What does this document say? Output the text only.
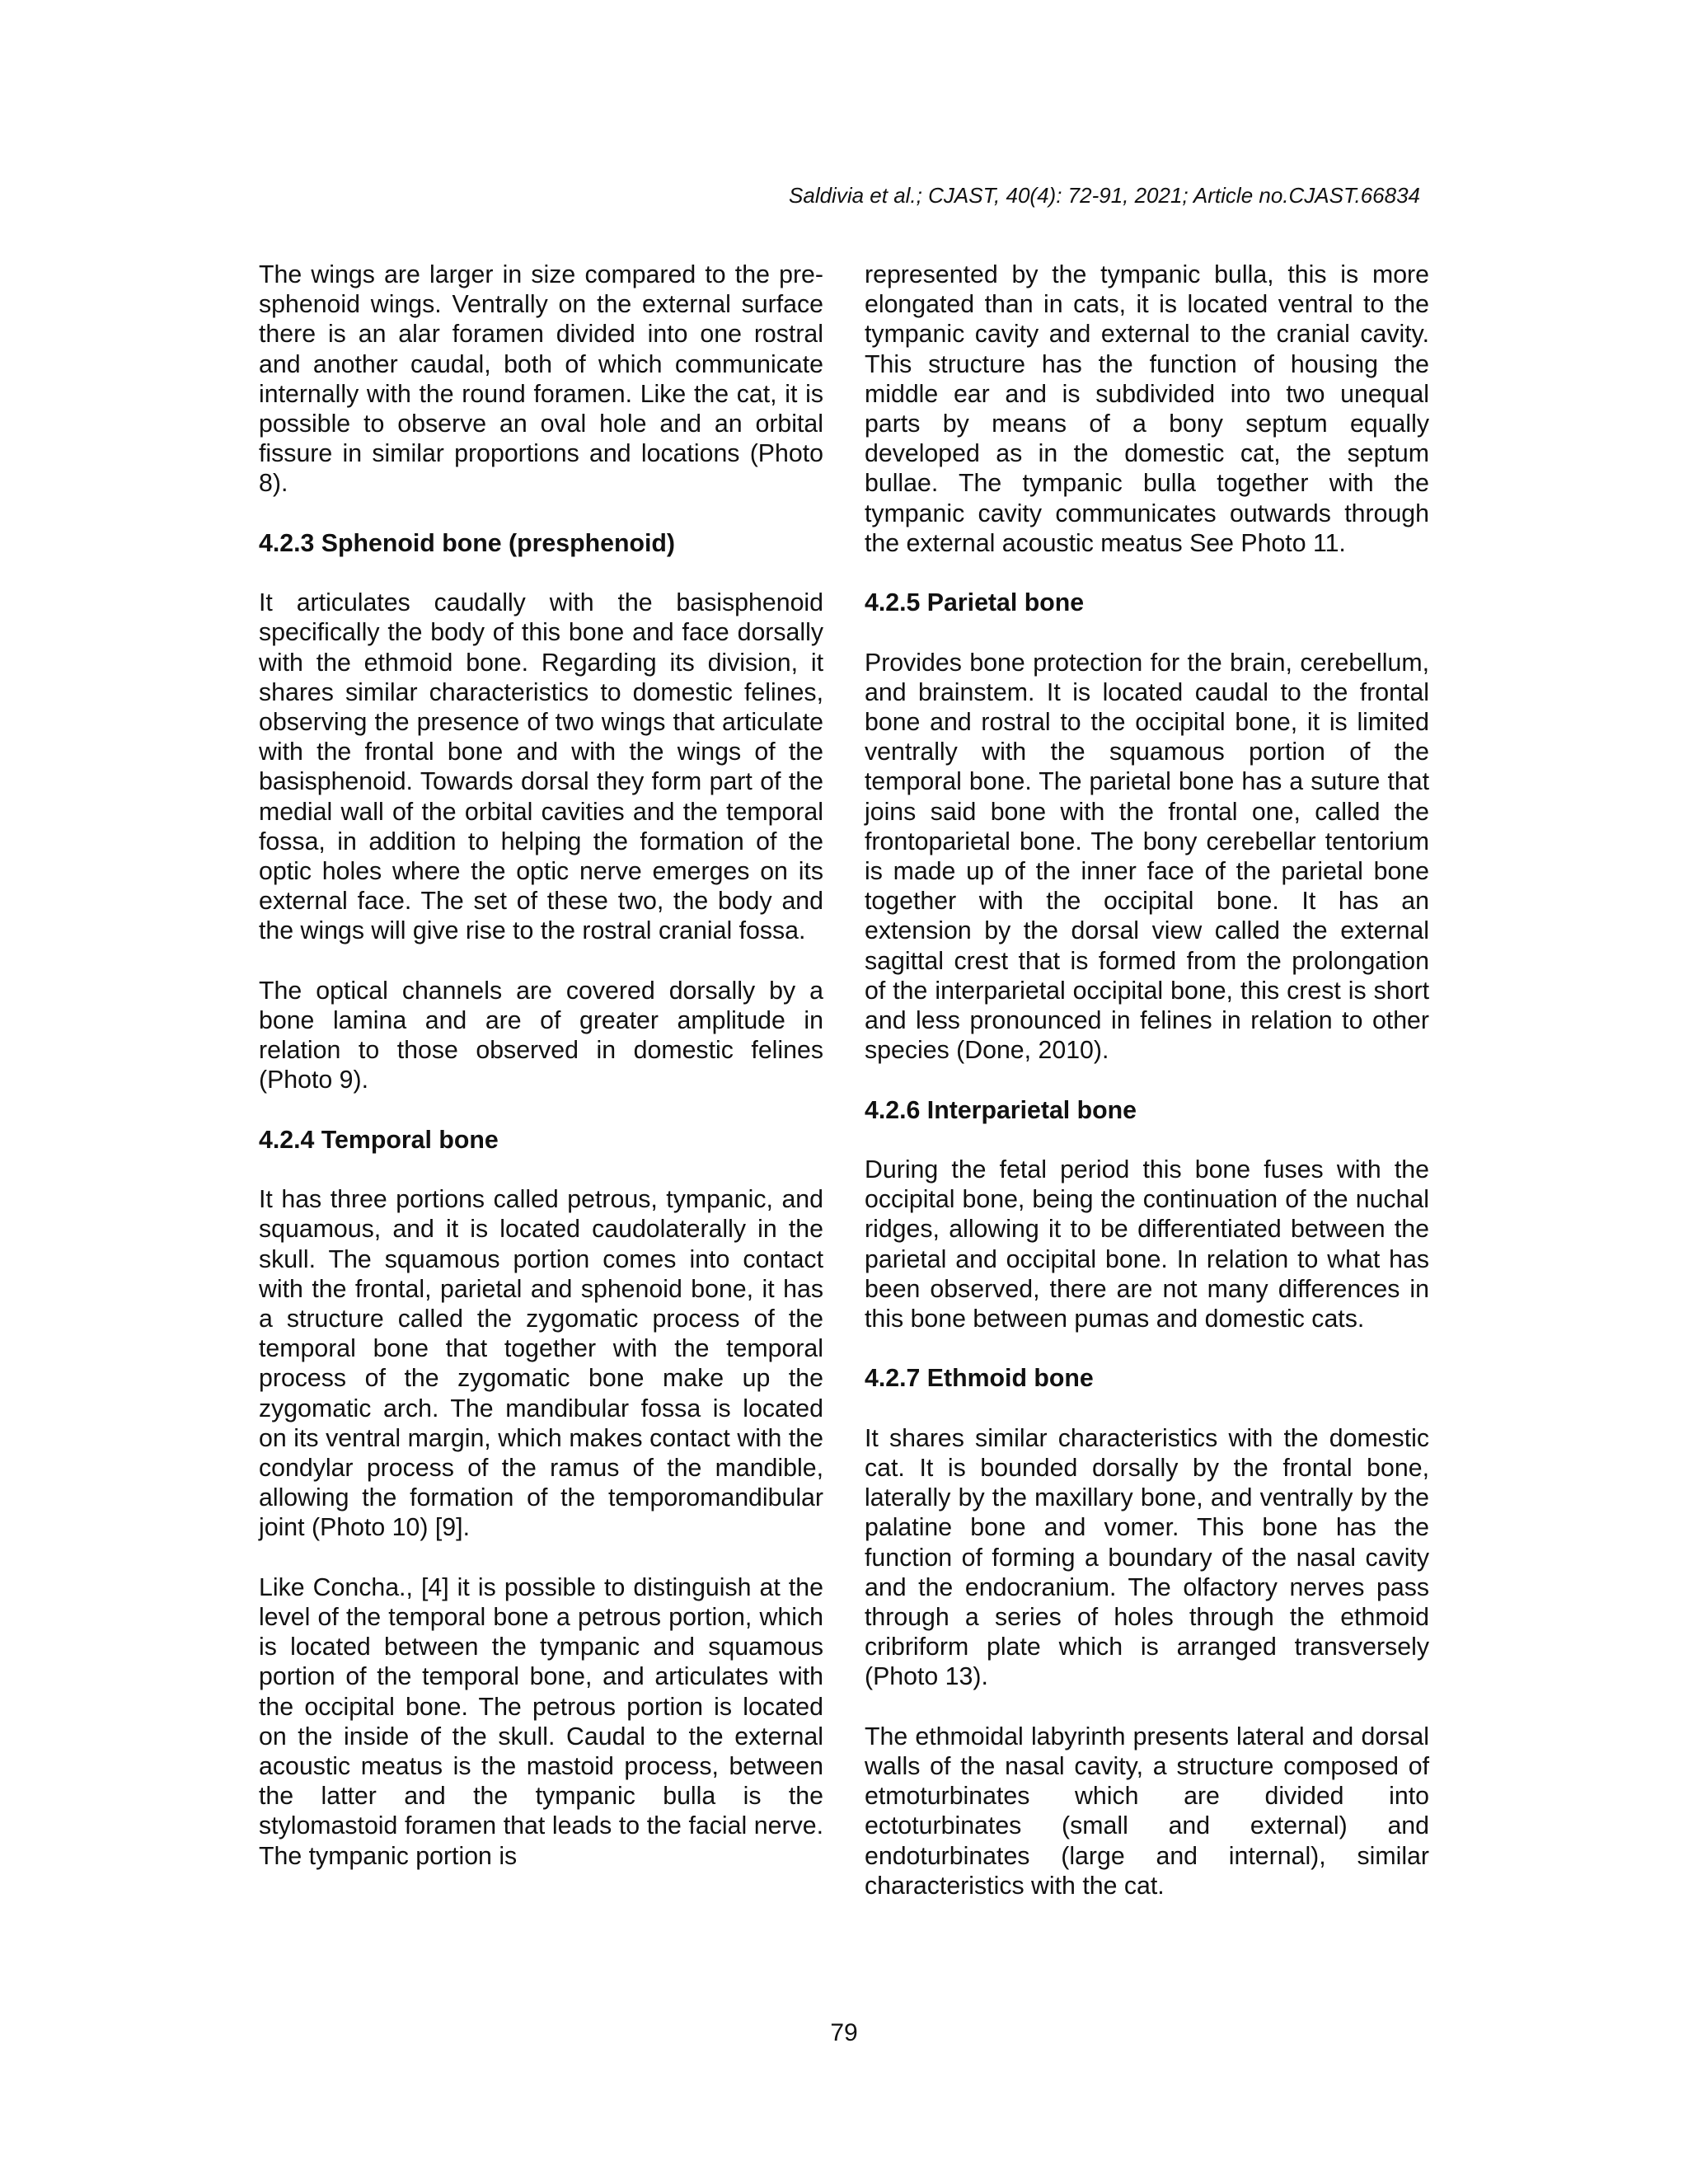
Saldivia et al.; CJAST, 40(4): 72-91, 2021; Article no.CJAST.66834

The wings are larger in size compared to the pre-sphenoid wings. Ventrally on the external surface there is an alar foramen divided into one rostral and another caudal, both of which communicate internally with the round foramen. Like the cat, it is possible to observe an oval hole and an orbital fissure in similar proportions and locations (Photo 8).

4.2.3 Sphenoid bone (presphenoid)

It articulates caudally with the basisphenoid specifically the body of this bone and face dorsally with the ethmoid bone. Regarding its division, it shares similar characteristics to domestic felines, observing the presence of two wings that articulate with the frontal bone and with the wings of the basisphenoid. Towards dorsal they form part of the medial wall of the orbital cavities and the temporal fossa, in addition to helping the formation of the optic holes where the optic nerve emerges on its external face. The set of these two, the body and the wings will give rise to the rostral cranial fossa.

The optical channels are covered dorsally by a bone lamina and are of greater amplitude in relation to those observed in domestic felines (Photo 9).

4.2.4 Temporal bone

It has three portions called petrous, tympanic, and squamous, and it is located caudolaterally in the skull. The squamous portion comes into contact with the frontal, parietal and sphenoid bone, it has a structure called the zygomatic process of the temporal bone that together with the temporal process of the zygomatic bone make up the zygomatic arch. The mandibular fossa is located on its ventral margin, which makes contact with the condylar process of the ramus of the mandible, allowing the formation of the temporomandibular joint (Photo 10) [9].

Like Concha., [4] it is possible to distinguish at the level of the temporal bone a petrous portion, which is located between the tympanic and squamous portion of the temporal bone, and articulates with the occipital bone. The petrous portion is located on the inside of the skull. Caudal to the external acoustic meatus is the mastoid process, between the latter and the tympanic bulla is the stylomastoid foramen that leads to the facial nerve. The tympanic portion is

represented by the tympanic bulla, this is more elongated than in cats, it is located ventral to the tympanic cavity and external to the cranial cavity. This structure has the function of housing the middle ear and is subdivided into two unequal parts by means of a bony septum equally developed as in the domestic cat, the septum bullae. The tympanic bulla together with the tympanic cavity communicates outwards through the external acoustic meatus See Photo 11.

4.2.5 Parietal bone

Provides bone protection for the brain, cerebellum, and brainstem. It is located caudal to the frontal bone and rostral to the occipital bone, it is limited ventrally with the squamous portion of the temporal bone. The parietal bone has a suture that joins said bone with the frontal one, called the frontoparietal bone. The bony cerebellar tentorium is made up of the inner face of the parietal bone together with the occipital bone. It has an extension by the dorsal view called the external sagittal crest that is formed from the prolongation of the interparietal occipital bone, this crest is short and less pronounced in felines in relation to other species (Done, 2010).

4.2.6 Interparietal bone

During the fetal period this bone fuses with the occipital bone, being the continuation of the nuchal ridges, allowing it to be differentiated between the parietal and occipital bone. In relation to what has been observed, there are not many differences in this bone between pumas and domestic cats.

4.2.7 Ethmoid bone

It shares similar characteristics with the domestic cat. It is bounded dorsally by the frontal bone, laterally by the maxillary bone, and ventrally by the palatine bone and vomer. This bone has the function of forming a boundary of the nasal cavity and the endocranium. The olfactory nerves pass through a series of holes through the ethmoid cribriform plate which is arranged transversely (Photo 13).

The ethmoidal labyrinth presents lateral and dorsal walls of the nasal cavity, a structure composed of etmoturbinates which are divided into ectoturbinates (small and external) and endoturbinates (large and internal), similar characteristics with the cat.

79
